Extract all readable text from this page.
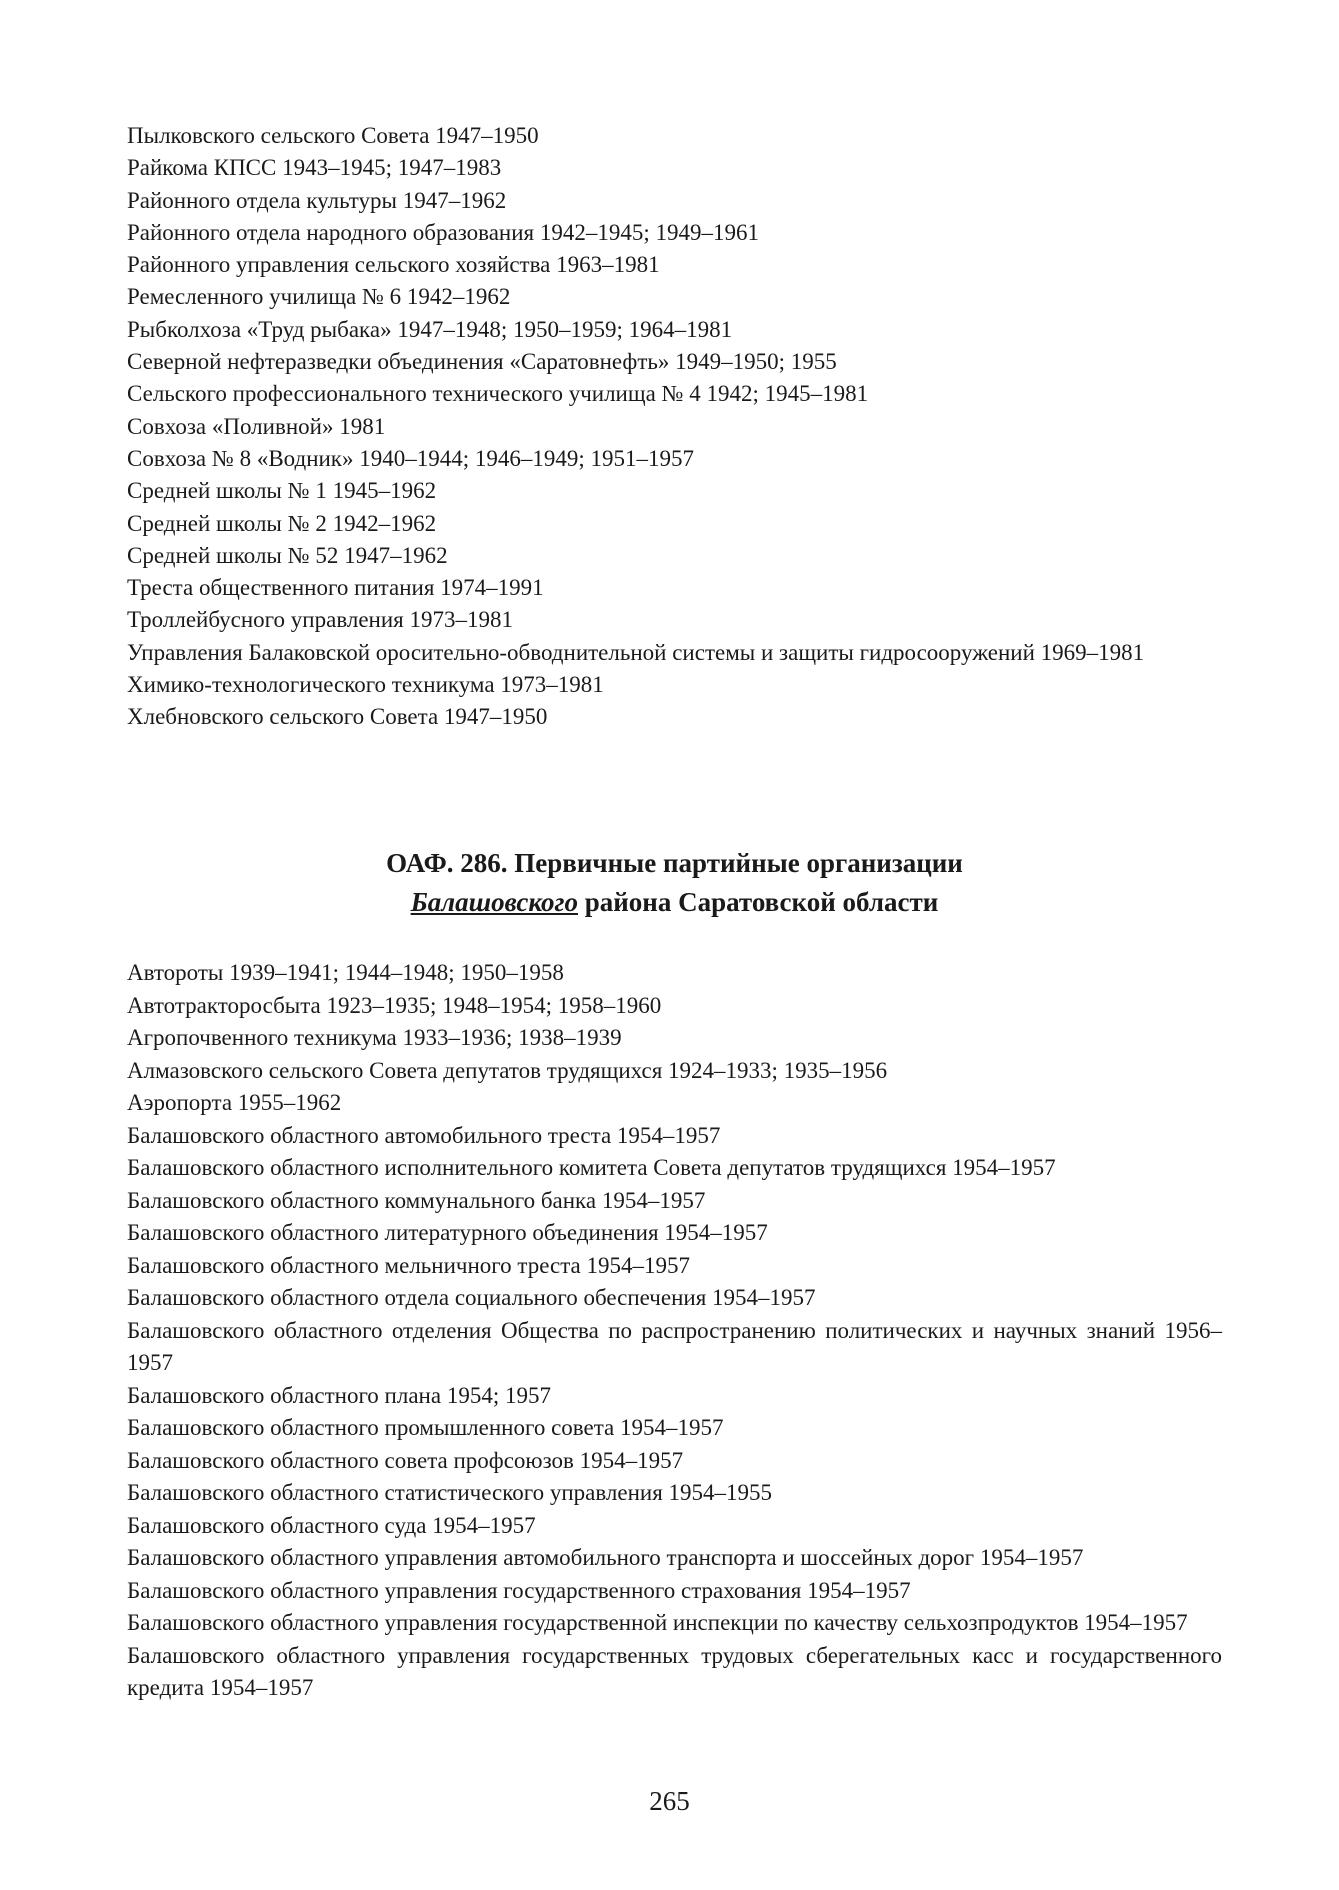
Пылковского сельского Совета 1947–1950
Райкома КПСС 1943–1945; 1947–1983
Районного отдела культуры 1947–1962
Районного отдела народного образования 1942–1945; 1949–1961
Районного управления сельского хозяйства 1963–1981
Ремесленного училища № 6 1942–1962
Рыбколхоза «Труд рыбака» 1947–1948; 1950–1959; 1964–1981
Северной нефтеразведки объединения «Саратовнефть» 1949–1950; 1955
Сельского профессионального технического училища № 4 1942; 1945–1981
Совхоза «Поливной» 1981
Совхоза № 8 «Водник» 1940–1944; 1946–1949; 1951–1957
Средней школы № 1 1945–1962
Средней школы № 2 1942–1962
Средней школы № 52 1947–1962
Треста общественного питания 1974–1991
Троллейбусного управления 1973–1981
Управления Балаковской оросительно-обводнительной системы и защиты гидросооружений 1969–1981
Химико-технологического техникума 1973–1981
Хлебновского сельского Совета 1947–1950
ОАФ. 286. Первичные партийные организации
Балашовского района Саратовской области
Автороты 1939–1941; 1944–1948; 1950–1958
Автотракторосбыта 1923–1935; 1948–1954; 1958–1960
Агропочвенного техникума 1933–1936; 1938–1939
Алмазовского сельского Совета депутатов трудящихся 1924–1933; 1935–1956
Аэропорта 1955–1962
Балашовского областного автомобильного треста 1954–1957
Балашовского областного исполнительного комитета Совета депутатов трудящихся 1954–1957
Балашовского областного коммунального банка 1954–1957
Балашовского областного литературного объединения 1954–1957
Балашовского областного мельничного треста 1954–1957
Балашовского областного отдела социального обеспечения 1954–1957
Балашовского областного отделения Общества по распространению политических и научных знаний 1956–1957
Балашовского областного плана 1954; 1957
Балашовского областного промышленного совета 1954–1957
Балашовского областного совета профсоюзов 1954–1957
Балашовского областного статистического управления 1954–1955
Балашовского областного суда 1954–1957
Балашовского областного управления автомобильного транспорта и шоссейных дорог 1954–1957
Балашовского областного управления государственного страхования 1954–1957
Балашовского областного управления государственной инспекции по качеству сельхозпродуктов 1954–1957
Балашовского областного управления государственных трудовых сберегательных касс и государственного кредита 1954–1957
265
